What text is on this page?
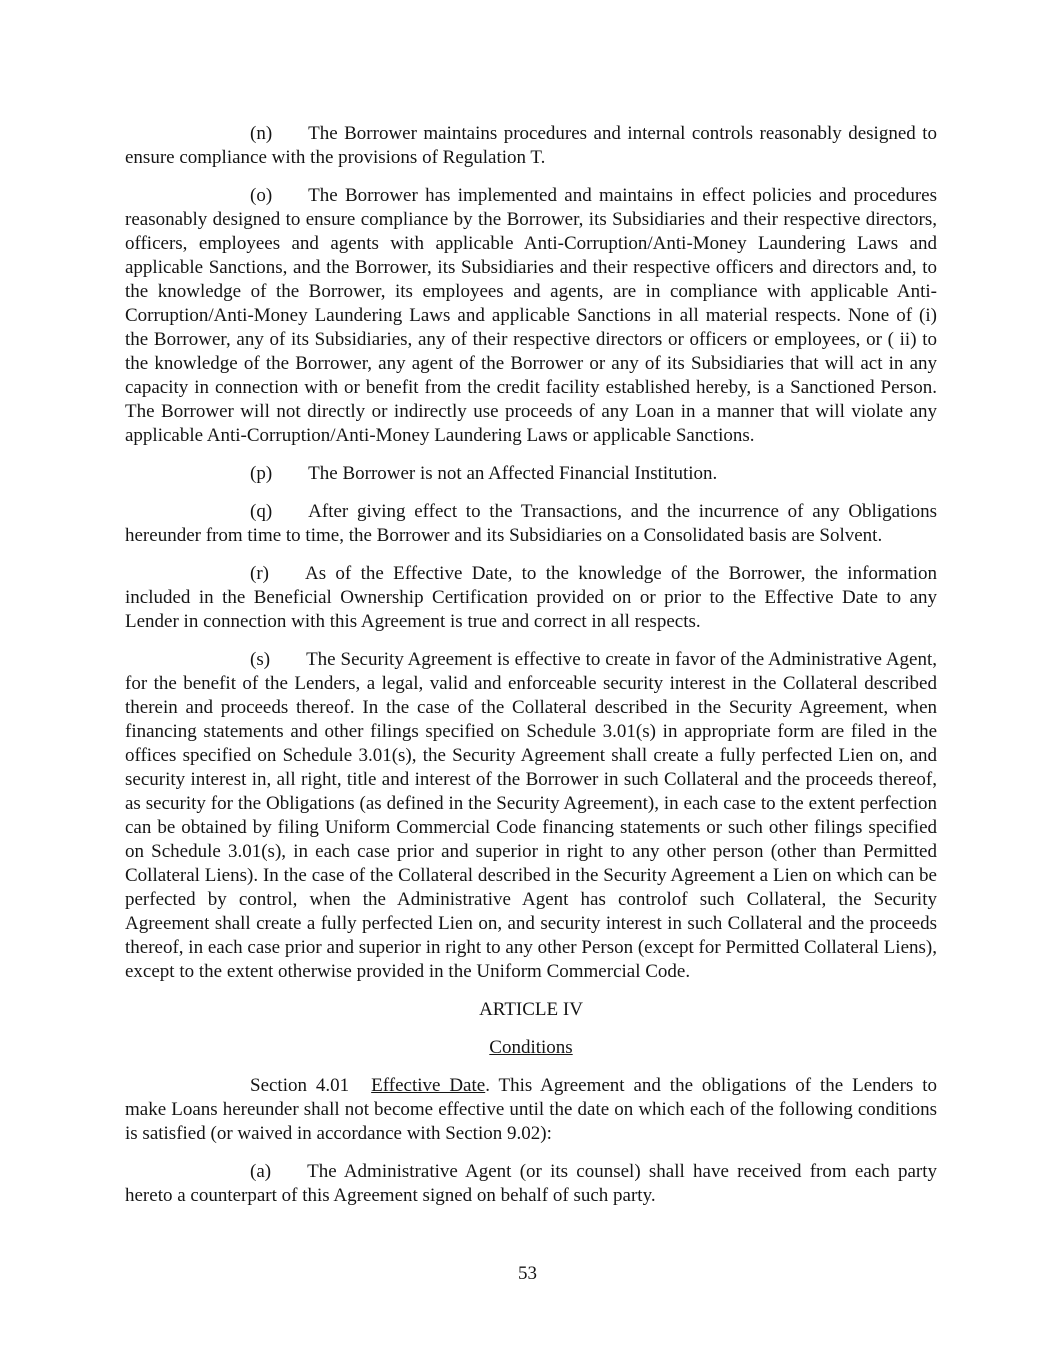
(n) The Borrower maintains procedures and internal controls reasonably designed to ensure compliance with the provisions of Regulation T.

(o) The Borrower has implemented and maintains in effect policies and procedures reasonably designed to ensure compliance by the Borrower, its Subsidiaries and their respective directors, officers, employees and agents with applicable Anti-Corruption/Anti-Money Laundering Laws and applicable Sanctions, and the Borrower, its Subsidiaries and their respective officers and directors and, to the knowledge of the Borrower, its employees and agents, are in compliance with applicable Anti-Corruption/Anti-Money Laundering Laws and applicable Sanctions in all material respects. None of (i) the Borrower, any of its Subsidiaries, any of their respective directors or officers or employees, or ( ii) to the knowledge of the Borrower, any agent of the Borrower or any of its Subsidiaries that will act in any capacity in connection with or benefit from the credit facility established hereby, is a Sanctioned Person. The Borrower will not directly or indirectly use proceeds of any Loan in a manner that will violate any applicable Anti-Corruption/Anti-Money Laundering Laws or applicable Sanctions.

(p) The Borrower is not an Affected Financial Institution.

(q) After giving effect to the Transactions, and the incurrence of any Obligations hereunder from time to time, the Borrower and its Subsidiaries on a Consolidated basis are Solvent.

(r) As of the Effective Date, to the knowledge of the Borrower, the information included in the Beneficial Ownership Certification provided on or prior to the Effective Date to any Lender in connection with this Agreement is true and correct in all respects.

(s) The Security Agreement is effective to create in favor of the Administrative Agent, for the benefit of the Lenders, a legal, valid and enforceable security interest in the Collateral described therein and proceeds thereof. In the case of the Collateral described in the Security Agreement, when financing statements and other filings specified on Schedule 3.01(s) in appropriate form are filed in the offices specified on Schedule 3.01(s), the Security Agreement shall create a fully perfected Lien on, and security interest in, all right, title and interest of the Borrower in such Collateral and the proceeds thereof, as security for the Obligations (as defined in the Security Agreement), in each case to the extent perfection can be obtained by filing Uniform Commercial Code financing statements or such other filings specified on Schedule 3.01(s), in each case prior and superior in right to any other person (other than Permitted Collateral Liens). In the case of the Collateral described in the Security Agreement a Lien on which can be perfected by control, when the Administrative Agent has controlof such Collateral, the Security Agreement shall create a fully perfected Lien on, and security interest in such Collateral and the proceeds thereof, in each case prior and superior in right to any other Person (except for Permitted Collateral Liens), except to the extent otherwise provided in the Uniform Commercial Code.

ARTICLE IV

Conditions

Section 4.01 Effective Date. This Agreement and the obligations of the Lenders to make Loans hereunder shall not become effective until the date on which each of the following conditions is satisfied (or waived in accordance with Section 9.02):

(a) The Administrative Agent (or its counsel) shall have received from each party hereto a counterpart of this Agreement signed on behalf of such party.

53
